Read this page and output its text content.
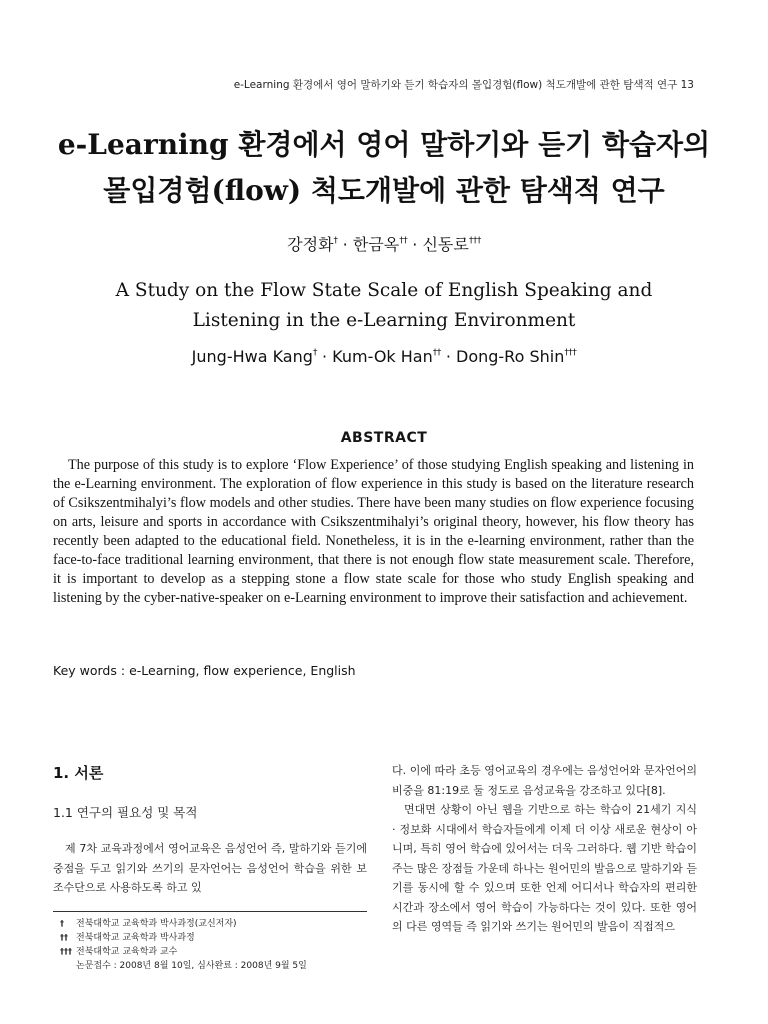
e-Learning 환경에서 영어 말하기와 듣기 학습자의 몰입경험(flow) 척도개발에 관한 탐색적 연구 13
e-Learning 환경에서 영어 말하기와 듣기 학습자의
몰입경험(flow) 척도개발에 관한 탐색적 연구
강정화† · 한금옥†† · 신동로†††
A Study on the Flow State Scale of English Speaking and
Listening in the e-Learning Environment
Jung-Hwa Kang† · Kum-Ok Han†† · Dong-Ro Shin†††
ABSTRACT
The purpose of this study is to explore ‘Flow Experience’ of those studying English speaking and listening in the e-Learning environment. The exploration of flow experience in this study is based on the literature research of Csikszentmihalyi’s flow models and other studies. There have been many studies on flow experience focusing on arts, leisure and sports in accordance with Csikszentmihalyi’s original theory, however, his flow theory has recently been adapted to the educational field. Nonetheless, it is in the e-learning environment, rather than the face-to-face traditional learning environment, that there is not enough flow state measurement scale. Therefore, it is important to develop as a stepping stone a flow state scale for those who study English speaking and listening by the cyber-native-speaker on e-Learning environment to improve their satisfaction and achievement.
Key words : e-Learning, flow experience, English
1. 서론
1.1 연구의 필요성 및 목적
제 7차 교육과정에서 영어교육은 음성언어 즉, 말하기와 듣기에 중점을 두고 읽기와 쓰기의 문자언어는 음성언어 학습을 위한 보조수단으로 사용하도록 하고 있

다. 이에 따라 초등 영어교육의 경우에는 음성언어와 문자언어의 비중을 81:19로 둘 정도로 음성교육을 강조하고 있다[8].

면대면 상황이 아닌 웹을 기반으로 하는 학습이 21세기 지식 · 정보화 시대에서 학습자들에게 이제 더 이상 새로운 현상이 아니며, 특히 영어 학습에 있어서는 더욱 그러하다. 웹 기반 학습이 주는 많은 장점들 가운데 하나는 원어민의 발음으로 말하기와 듣기를 동시에 할 수 있으며 또한 언제 어디서나 학습자의 편리한 시간과 장소에서 영어 학습이 가능하다는 것이 있다. 또한 영어의 다른 영역들 즉 읽기와 쓰기는 원어민의 발음이 직접적으

† 전북대학교 교육학과 박사과정(교신저자)
†† 전북대학교 교육학과 박사과정
††† 전북대학교 교육학과 교수
논문접수 : 2008년 8월 10일, 심사완료 : 2008년 9월 5일
